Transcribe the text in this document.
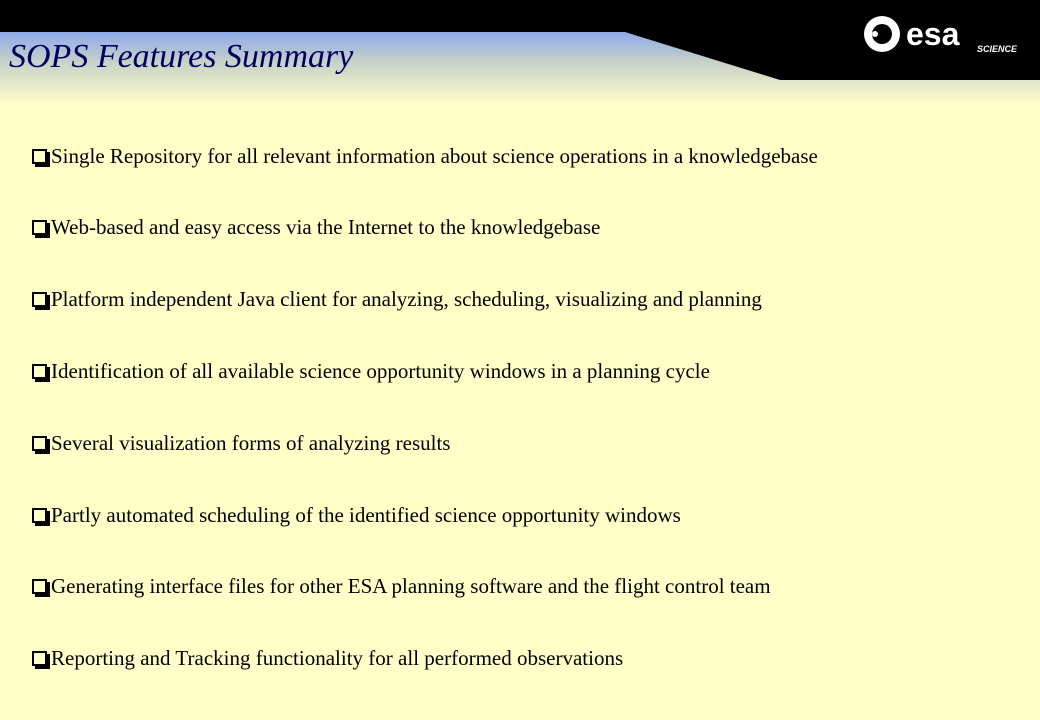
SOPS Features Summary
esa SCIENCE
Single Repository for all relevant information about science operations in a knowledgebase
Web-based and easy access via the Internet to the knowledgebase
Platform independent Java client for analyzing, scheduling, visualizing and planning
Identification of all available science opportunity windows in a planning cycle
Several visualization forms of analyzing results
Partly automated scheduling of the identified science opportunity windows
Generating interface files for other ESA planning software and the flight control team
Reporting and Tracking functionality for all performed observations
